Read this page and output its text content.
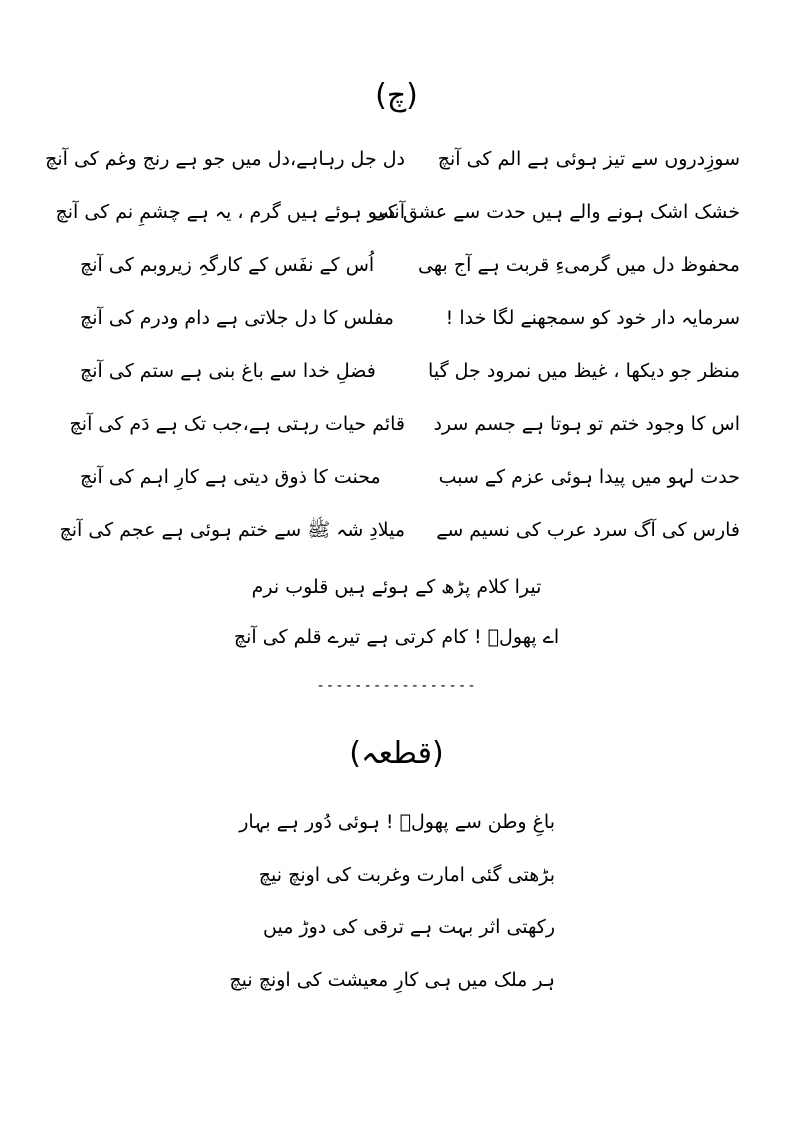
(چ)
سوزِدروں سے تیز ہوئی ہے الم کی آنچ
دل جل رہاہے،دل میں جو ہے رنج وغم کی آنچ
خشک اشک ہونے والے ہیں حدت سے عشق کی
آنسو ہوئے ہیں گرم ، یہ ہے چشمِ نم کی آنچ
محفوظ دل میں گرمیءِ قربت ہے آج بھی
اُس کے نفَس کے کارگہِ زیروبم کی آنچ
سرمایہ دار خود کو سمجھنے لگا خدا !
مفلس کا دل جلاتی ہے دام ودرم کی آنچ
منظر جو دیکھا ، غیظ میں نمرود جل گیا
فضلِ خدا سے باغ بنی ہے ستم کی آنچ
اس کا وجود ختم تو ہوتا ہے جسم سرد
قائم حیات رہتی ہے،جب تک ہے دَم کی آنچ
حدت لہو میں پیدا ہوئی عزم کے سبب
محنت کا ذوق دیتی ہے کارِ اہم کی آنچ
فارس کی آگ سرد عرب کی نسیم سے
میلادِ شہ ﷺ سے ختم ہوئی ہے عجم کی آنچ
تیرا کلام پڑھ کے ہوئے ہیں قلوب نرم
اے پھولؔ ! کام کرتی ہے تیرے قلم کی آنچ
-----------------
(قطعہ)
باغِ وطن سے پھولؔ ! ہوئی دُور ہے بہار
بڑھتی گئی امارت وغربت کی اونچ نیچ
رکھتی اثر بہت ہے ترقی کی دوڑ میں
ہر ملک میں ہی کارِ معیشت کی اونچ نیچ
